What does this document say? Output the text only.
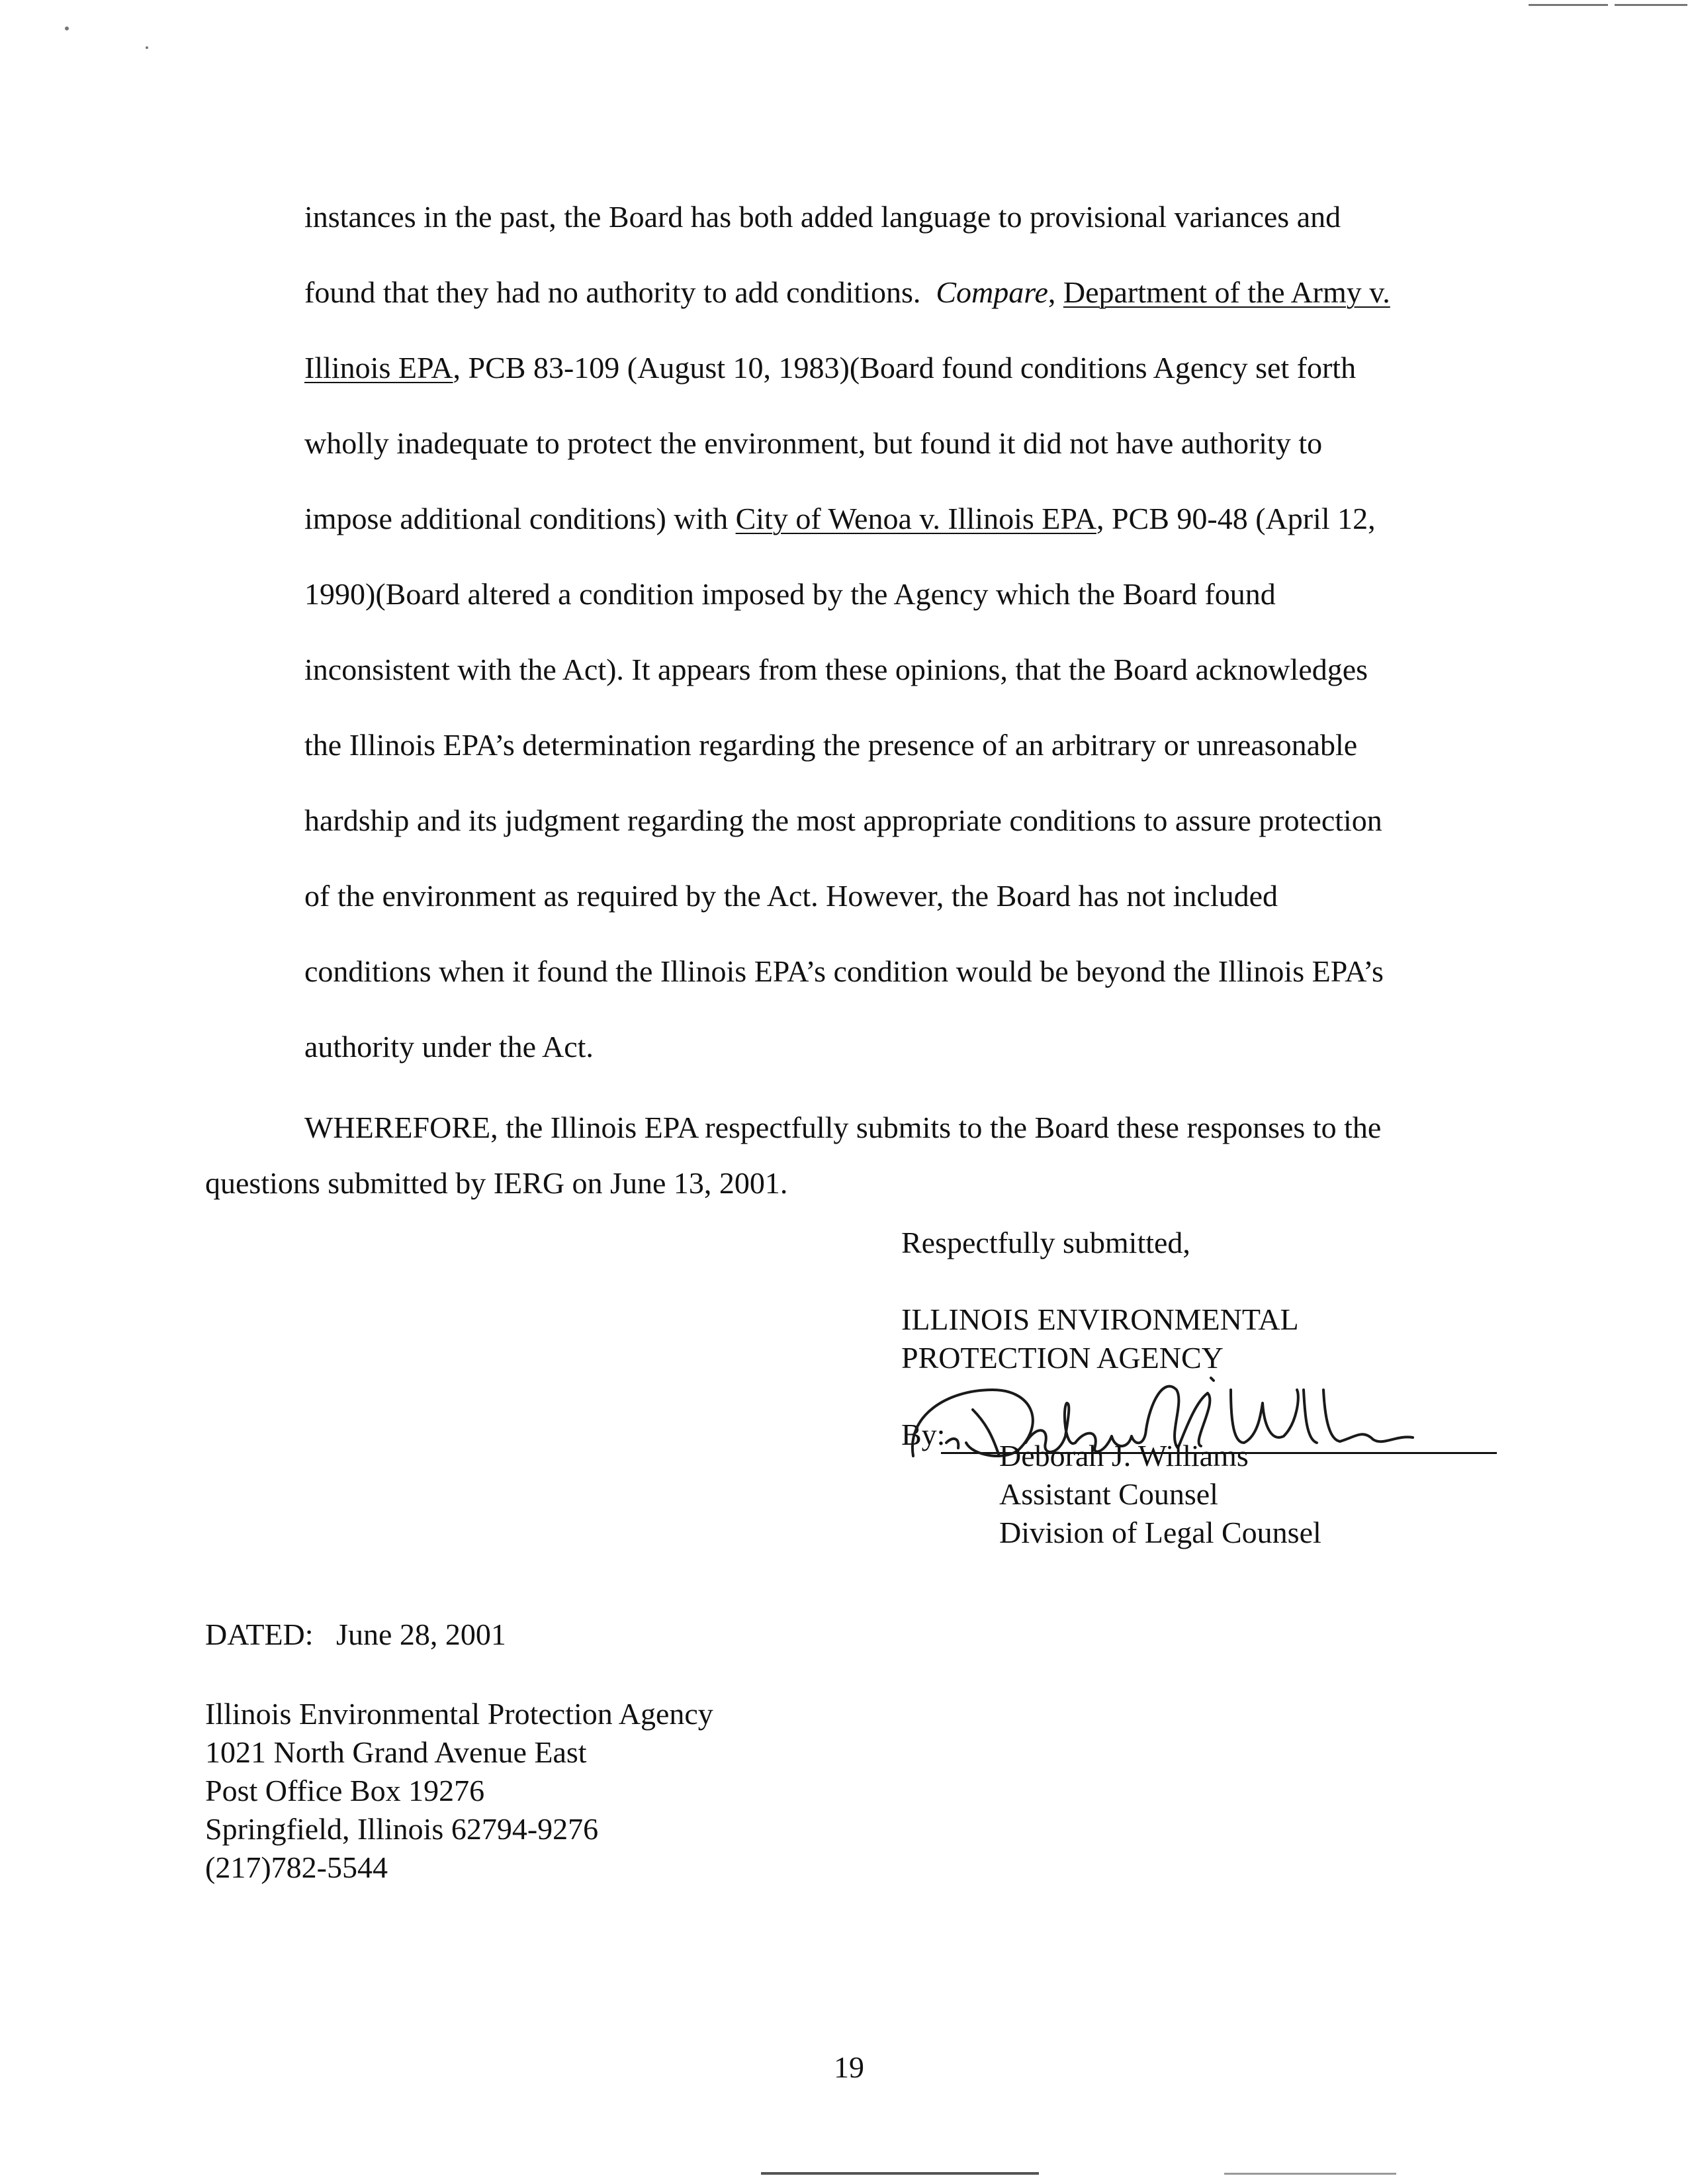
instances in the past, the Board has both added language to provisional variances and
found that they had no authority to add conditions. Compare, Department of the Army v.
Illinois EPA, PCB 83-109 (August 10, 1983)(Board found conditions Agency set forth
wholly inadequate to protect the environment, but found it did not have authority to
impose additional conditions) with City of Wenoa v. Illinois EPA, PCB 90-48 (April 12,
1990)(Board altered a condition imposed by the Agency which the Board found
inconsistent with the Act). It appears from these opinions, that the Board acknowledges
the Illinois EPA’s determination regarding the presence of an arbitrary or unreasonable
hardship and its judgment regarding the most appropriate conditions to assure protection
of the environment as required by the Act. However, the Board has not included
conditions when it found the Illinois EPA’s condition would be beyond the Illinois EPA’s
authority under the Act.
WHEREFORE, the Illinois EPA respectfully submits to the Board these responses to the
questions submitted by IERG on June 13, 2001.
Respectfully submitted,
ILLINOIS ENVIRONMENTAL
PROTECTION AGENCY
By:
Deborah J. Williams
Assistant Counsel
Division of Legal Counsel
DATED: June 28, 2001
Illinois Environmental Protection Agency
1021 North Grand Avenue East
Post Office Box 19276
Springfield, Illinois 62794-9276
(217)782-5544
19
